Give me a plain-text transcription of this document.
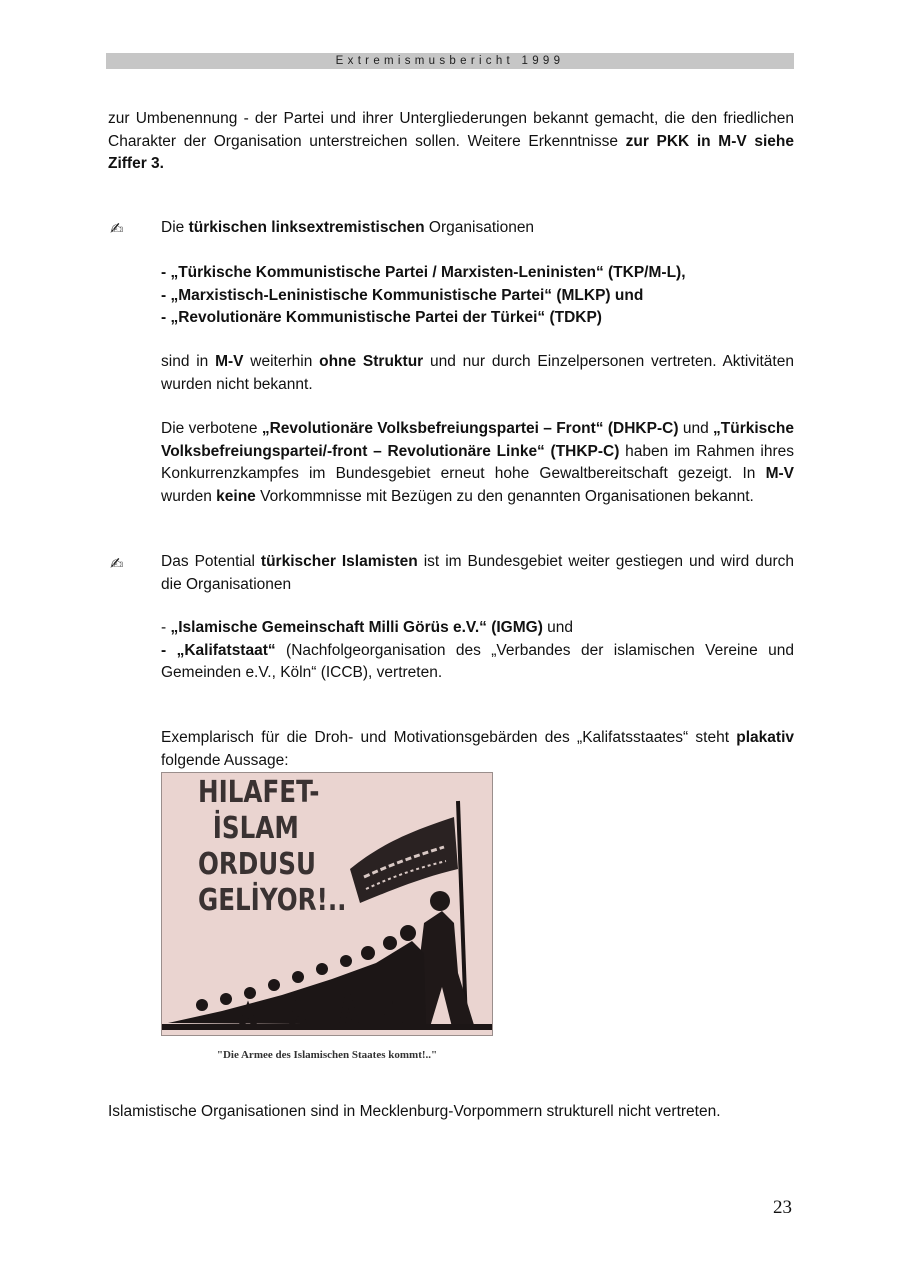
Extremismusbericht 1999

zur Umbenennung - der Partei und ihrer Untergliederungen bekannt gemacht, die den friedlichen Charakter der Organisation unterstreichen sollen. Weitere Erkenntnisse zur PKK in M-V siehe Ziffer 3.

✍ Die türkischen linksextremistischen Organisationen

- „Türkische Kommunistische Partei / Marxisten-Leninisten“ (TKP/M-L),
- „Marxistisch-Leninistische Kommunistische Partei“ (MLKP) und
- „Revolutionäre Kommunistische Partei der Türkei“ (TDKP)

sind in M-V weiterhin ohne Struktur und nur durch Einzelpersonen vertreten. Aktivitäten wurden nicht bekannt.

Die verbotene „Revolutionäre Volksbefreiungspartei – Front“ (DHKP-C) und „Türkische Volksbefreiungspartei/-front – Revolutionäre Linke“ (THKP-C) haben im Rahmen ihres Konkurrenzkampfes im Bundesgebiet erneut hohe Gewaltbereitschaft gezeigt. In M-V wurden keine Vorkommnisse mit Bezügen zu den genannten Organisationen bekannt.

✍ Das Potential türkischer Islamisten ist im Bundesgebiet weiter gestiegen und wird durch die Organisationen

- „Islamische Gemeinschaft Milli Görüs e.V.“ (IGMG) und
- „Kalifatstaat“ (Nachfolgeorganisation des „Verbandes der islamischen Vereine und Gemeinden e.V., Köln“ (ICCB), vertreten.

Exemplarisch für die Droh- und Motivationsgebärden des „Kalifatsstaates“ steht plakativ folgende Aussage:

HILAFET-
İSLAM
ORDUSU
GELİYOR!..
"Die Armee des Islamischen Staates kommt!.."

Islamistische Organisationen sind in Mecklenburg-Vorpommern strukturell nicht vertreten.

23
